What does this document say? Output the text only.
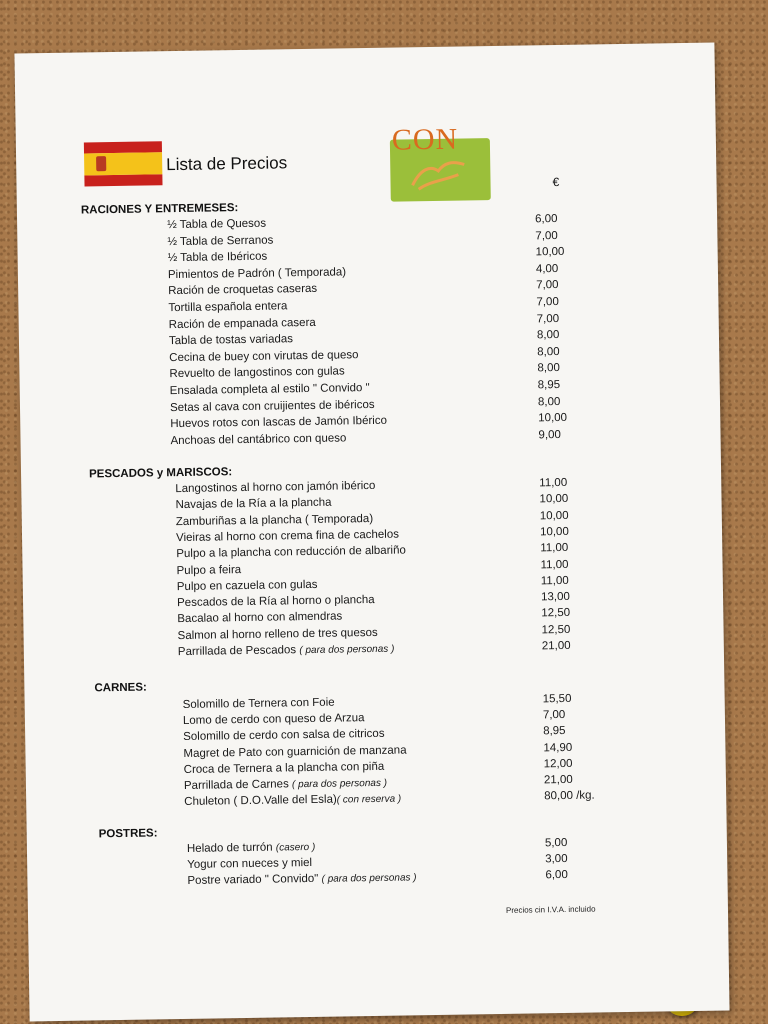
Lista de Precios
CON
€
RACIONES Y ENTREMESES:
½ Tabla de Quesos	6,00
½ Tabla de Serranos	7,00
½ Tabla de Ibéricos	10,00
Pimientos de Padrón ( Temporada)	4,00
Ración de croquetas caseras	7,00
Tortilla española entera	7,00
Ración de empanada casera	7,00
Tabla de tostas variadas	8,00
Cecina de buey con virutas de queso	8,00
Revuelto de langostinos con gulas	8,00
Ensalada completa al estilo " Convido "	8,95
Setas al cava con cruijientes de ibéricos	8,00
Huevos rotos con lascas de Jamón Ibérico	10,00
Anchoas del cantábrico con queso	9,00
PESCADOS y MARISCOS:
Langostinos al horno con jamón ibérico	11,00
Navajas de la Ría a la plancha	10,00
Zamburiñas a la plancha ( Temporada)	10,00
Vieiras al horno con crema fina de cachelos	10,00
Pulpo a la plancha con reducción de albariño	11,00
Pulpo a feira	11,00
Pulpo en cazuela con gulas	11,00
Pescados de la Ría al horno o plancha	13,00
Bacalao al horno con almendras	12,50
Salmon al horno relleno de tres quesos	12,50
Parrillada de Pescados ( para dos personas )	21,00
CARNES:
Solomillo de Ternera con Foie	15,50
Lomo de cerdo con queso de Arzua	7,00
Solomillo de cerdo con salsa de citricos	8,95
Magret de Pato con guarnición de manzana	14,90
Croca de Ternera a la plancha con piña	12,00
Parrillada de Carnes ( para dos personas )	21,00
Chuleton ( D.O.Valle del Esla)( con reserva )	80,00 /kg.
POSTRES:
Helado de turrón (casero )	5,00
Yogur con nueces y miel	3,00
Postre variado " Convido" ( para dos personas )	6,00
Precios cin I.V.A. incluido
